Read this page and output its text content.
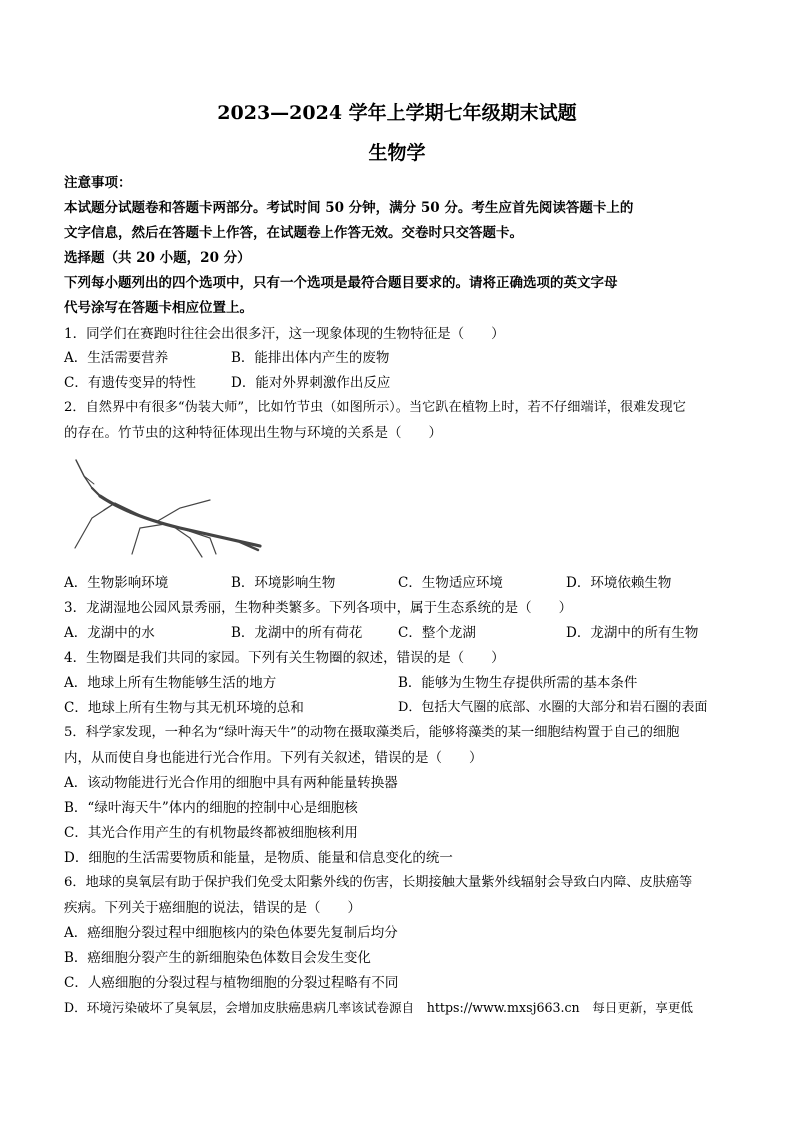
2023—2024 学年上学期七年级期末试题
生物学
注意事项：
本试题分试题卷和答题卡两部分。考试时间 50 分钟，满分 50 分。考生应首先阅读答题卡上的
文字信息，然后在答题卡上作答，在试题卷上作答无效。交卷时只交答题卡。
选择题（共 20 小题，20 分）
下列每小题列出的四个选项中，只有一个选项是最符合题目要求的。请将正确选项的英文字母
代号涂写在答题卡相应位置上。
1．同学们在赛跑时往往会出很多汗，这一现象体现的生物特征是（　　）
A．生活需要营养	B．能排出体内产生的废物
C．有遗传变异的特性	D．能对外界刺激作出反应
2．自然界中有很多“伪装大师”，比如竹节虫（如图所示）。当它趴在植物上时，若不仔细端详，很难发现它
的存在。竹节虫的这种特征体现出生物与环境的关系是（　　）
A．生物影响环境	B．环境影响生物	C．生物适应环境	D．环境依赖生物
3．龙湖湿地公园风景秀丽，生物种类繁多。下列各项中，属于生态系统的是（　　）
A．龙湖中的水	B．龙湖中的所有荷花	C．整个龙湖	D．龙湖中的所有生物
4．生物圈是我们共同的家园。下列有关生物圈的叙述，错误的是（　　）
A．地球上所有生物能够生活的地方	B．能够为生物生存提供所需的基本条件
C．地球上所有生物与其无机环境的总和	D．包括大气圈的底部、水圈的大部分和岩石圈的表面
5．科学家发现，一种名为“绿叶海天牛”的动物在摄取藻类后，能够将藻类的某一细胞结构置于自己的细胞
内，从而使自身也能进行光合作用。下列有关叙述，错误的是（　　）
A．该动物能进行光合作用的细胞中具有两种能量转换器
B．“绿叶海天牛”体内的细胞的控制中心是细胞核
C．其光合作用产生的有机物最终都被细胞核利用
D．细胞的生活需要物质和能量，是物质、能量和信息变化的统一
6．地球的臭氧层有助于保护我们免受太阳紫外线的伤害，长期接触大量紫外线辐射会导致白内障、皮肤癌等
疾病。下列关于癌细胞的说法，错误的是（　　）
A．癌细胞分裂过程中细胞核内的染色体要先复制后均分
B．癌细胞分裂产生的新细胞染色体数目会发生变化
C．人癌细胞的分裂过程与植物细胞的分裂过程略有不同
D．环境污染破坏了臭氧层，会增加皮肤癌患病几率该试卷源自　https://www.mxsj663.cn　每日更新，享更低
